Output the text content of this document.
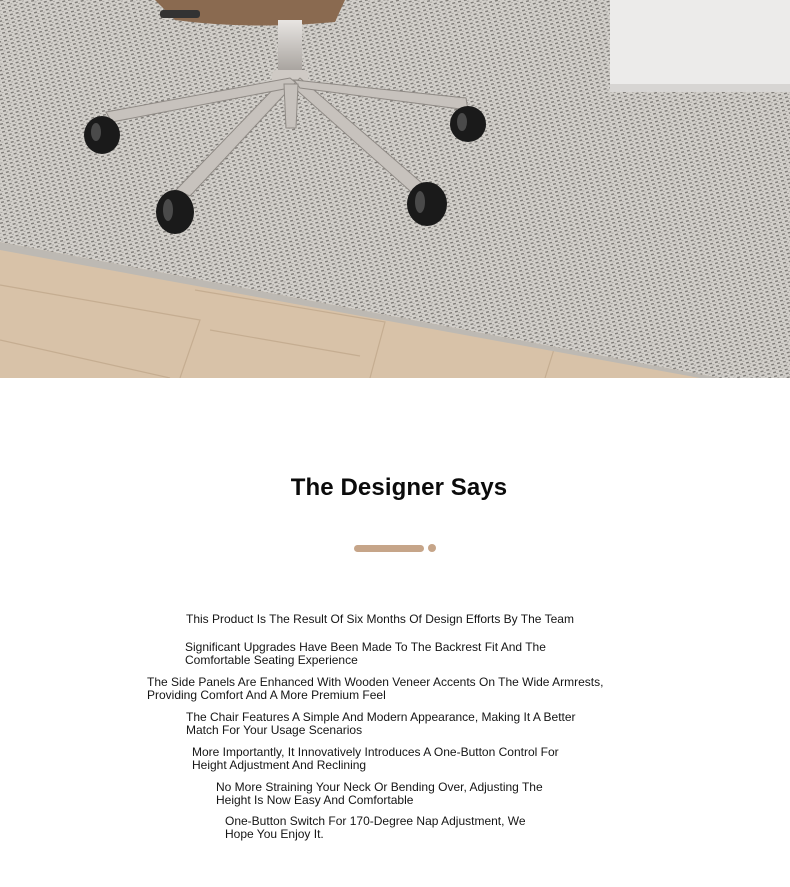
The Designer Says
This Product Is The Result Of Six Months Of Design Efforts By The Team
Significant Upgrades Have Been Made To The Backrest Fit And The
Comfortable Seating Experience
The Side Panels Are Enhanced With Wooden Veneer Accents On The Wide Armrests,
Providing Comfort And A More Premium Feel
The Chair Features A Simple And Modern Appearance, Making It A Better
Match For Your Usage Scenarios
More Importantly, It Innovatively Introduces A One-Button Control For
Height Adjustment And Reclining
No More Straining Your Neck Or Bending Over, Adjusting The
Height Is Now Easy And Comfortable
One-Button Switch For 170-Degree Nap Adjustment, We
Hope You Enjoy It.
